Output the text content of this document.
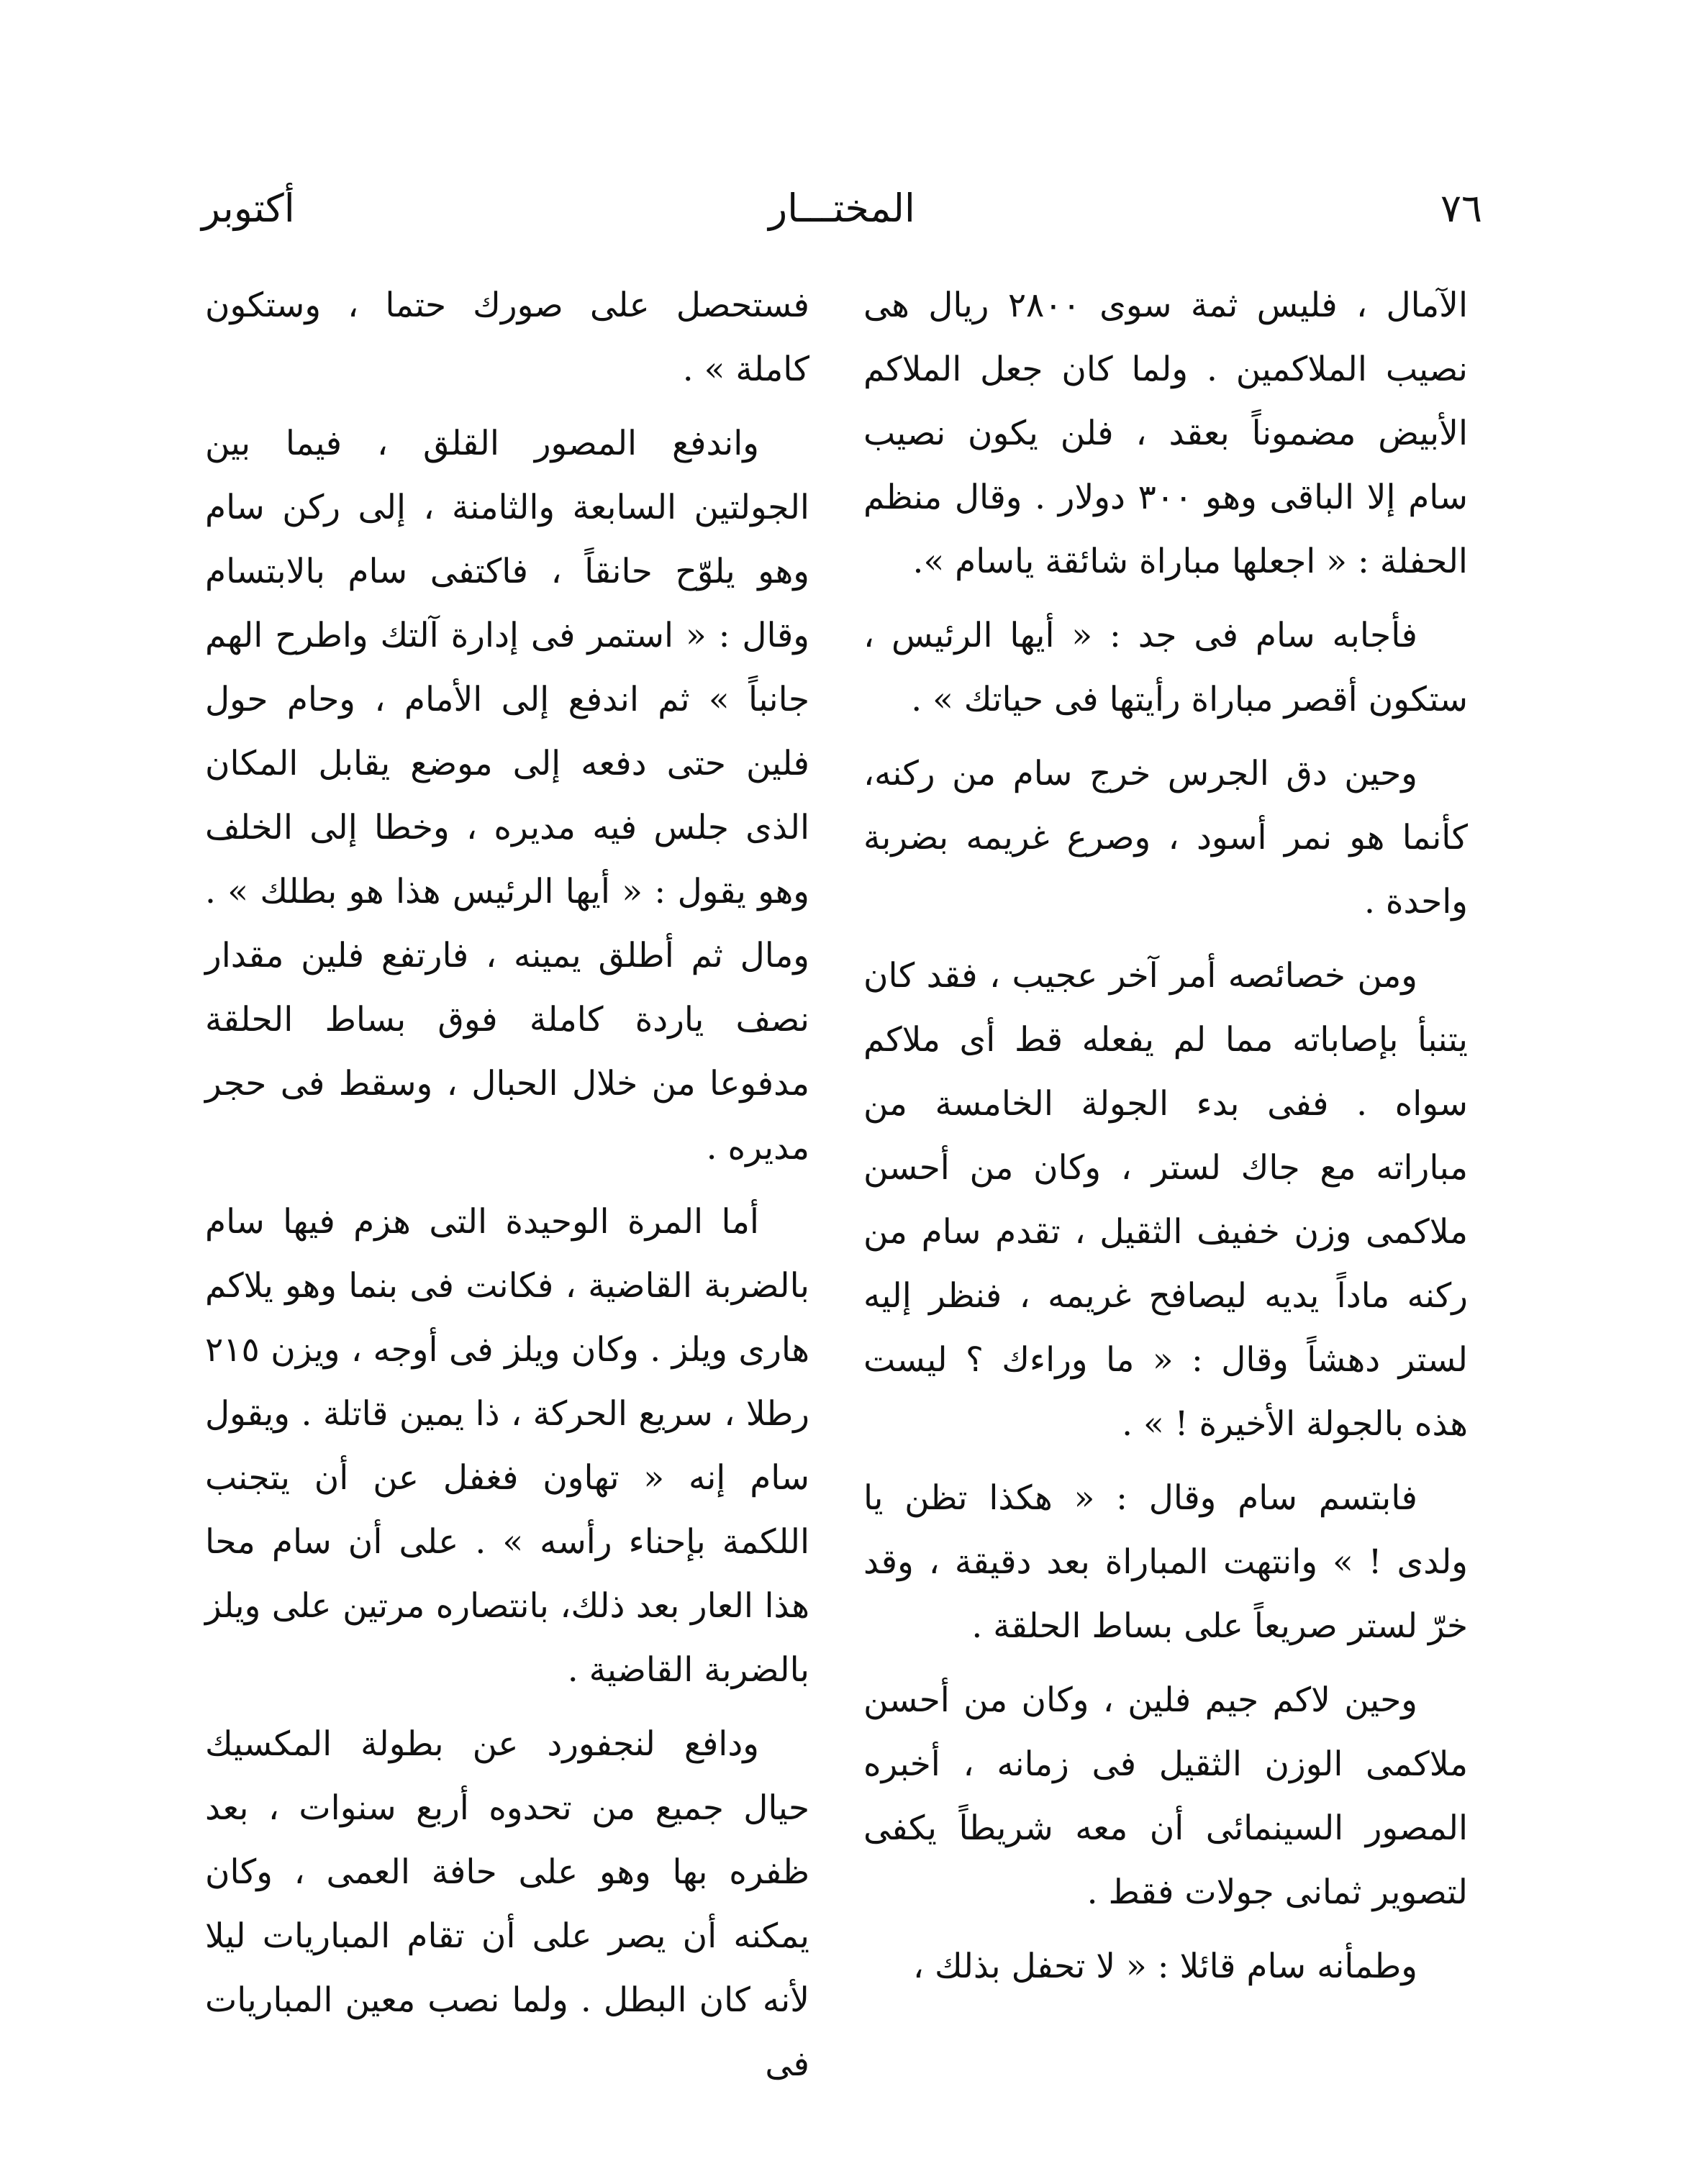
أكتوبر	المختـــار	٧٦

الآمال ، فليس ثمة سوى ٢٨٠٠ ريال هى نصيب الملاكمين . ولما كان جعل الملاكم الأبيض مضموناً بعقد ، فلن يكون نصيب سام إلا الباقى وهو ٣٠٠ دولار . وقال منظم الحفلة : « اجعلها مباراة شائقة ياسام ».

فأجابه سام فى جد : « أيها الرئيس ، ستكون أقصر مباراة رأيتها فى حياتك » .

وحين دق الجرس خرج سام من ركنه، كأنما هو نمر أسود ، وصرع غريمه بضربة واحدة .

ومن خصائصه أمر آخر عجيب ، فقد كان يتنبأ بإصاباته مما لم يفعله قط أى ملاكم سواه . ففى بدء الجولة الخامسة من مباراته مع جاك لستر ، وكان من أحسن ملاكمى وزن خفيف الثقيل ، تقدم سام من ركنه ماداً يديه ليصافح غريمه ، فنظر إليه لستر دهشاً وقال : « ما وراءك ؟ ليست هذه بالجولة الأخيرة ! » .

فابتسم سام وقال : « هكذا تظن يا ولدى ! » وانتهت المباراة بعد دقيقة ، وقد خرّ لستر صريعاً على بساط الحلقة .

وحين لاكم جيم فلين ، وكان من أحسن ملاكمى الوزن الثقيل فى زمانه ، أخبره المصور السينمائى أن معه شريطاً يكفى لتصوير ثمانى جولات فقط .

وطمأنه سام قائلا : « لا تحفل بذلك ،

فستحصل على صورك حتما ، وستكون كاملة » .

واندفع المصور القلق ، فيما بين الجولتين السابعة والثامنة ، إلى ركن سام وهو يلوّح حانقاً ، فاكتفى سام بالابتسام وقال : « استمر فى إدارة آلتك واطرح الهم جانباً » ثم اندفع إلى الأمام ، وحام حول فلين حتى دفعه إلى موضع يقابل المكان الذى جلس فيه مديره ، وخطا إلى الخلف وهو يقول : « أيها الرئيس هذا هو بطلك » . ومال ثم أطلق يمينه ، فارتفع فلين مقدار نصف ياردة كاملة فوق بساط الحلقة مدفوعا من خلال الحبال ، وسقط فى حجر مديره .

أما المرة الوحيدة التى هزم فيها سام بالضربة القاضية ، فكانت فى بنما وهو يلاكم هارى ويلز . وكان ويلز فى أوجه ، ويزن ٢١٥ رطلا ، سريع الحركة ، ذا يمين قاتلة . ويقول سام إنه « تهاون فغفل عن أن يتجنب اللكمة بإحناء رأسه » . على أن سام محا هذا العار بعد ذلك، بانتصاره مرتين على ويلز بالضربة القاضية .

ودافع لنجفورد عن بطولة المكسيك حيال جميع من تحدوه أربع سنوات ، بعد ظفره بها وهو على حافة العمى ، وكان يمكنه أن يصر على أن تقام المباريات ليلا لأنه كان البطل . ولما نصب معين المباريات فى
